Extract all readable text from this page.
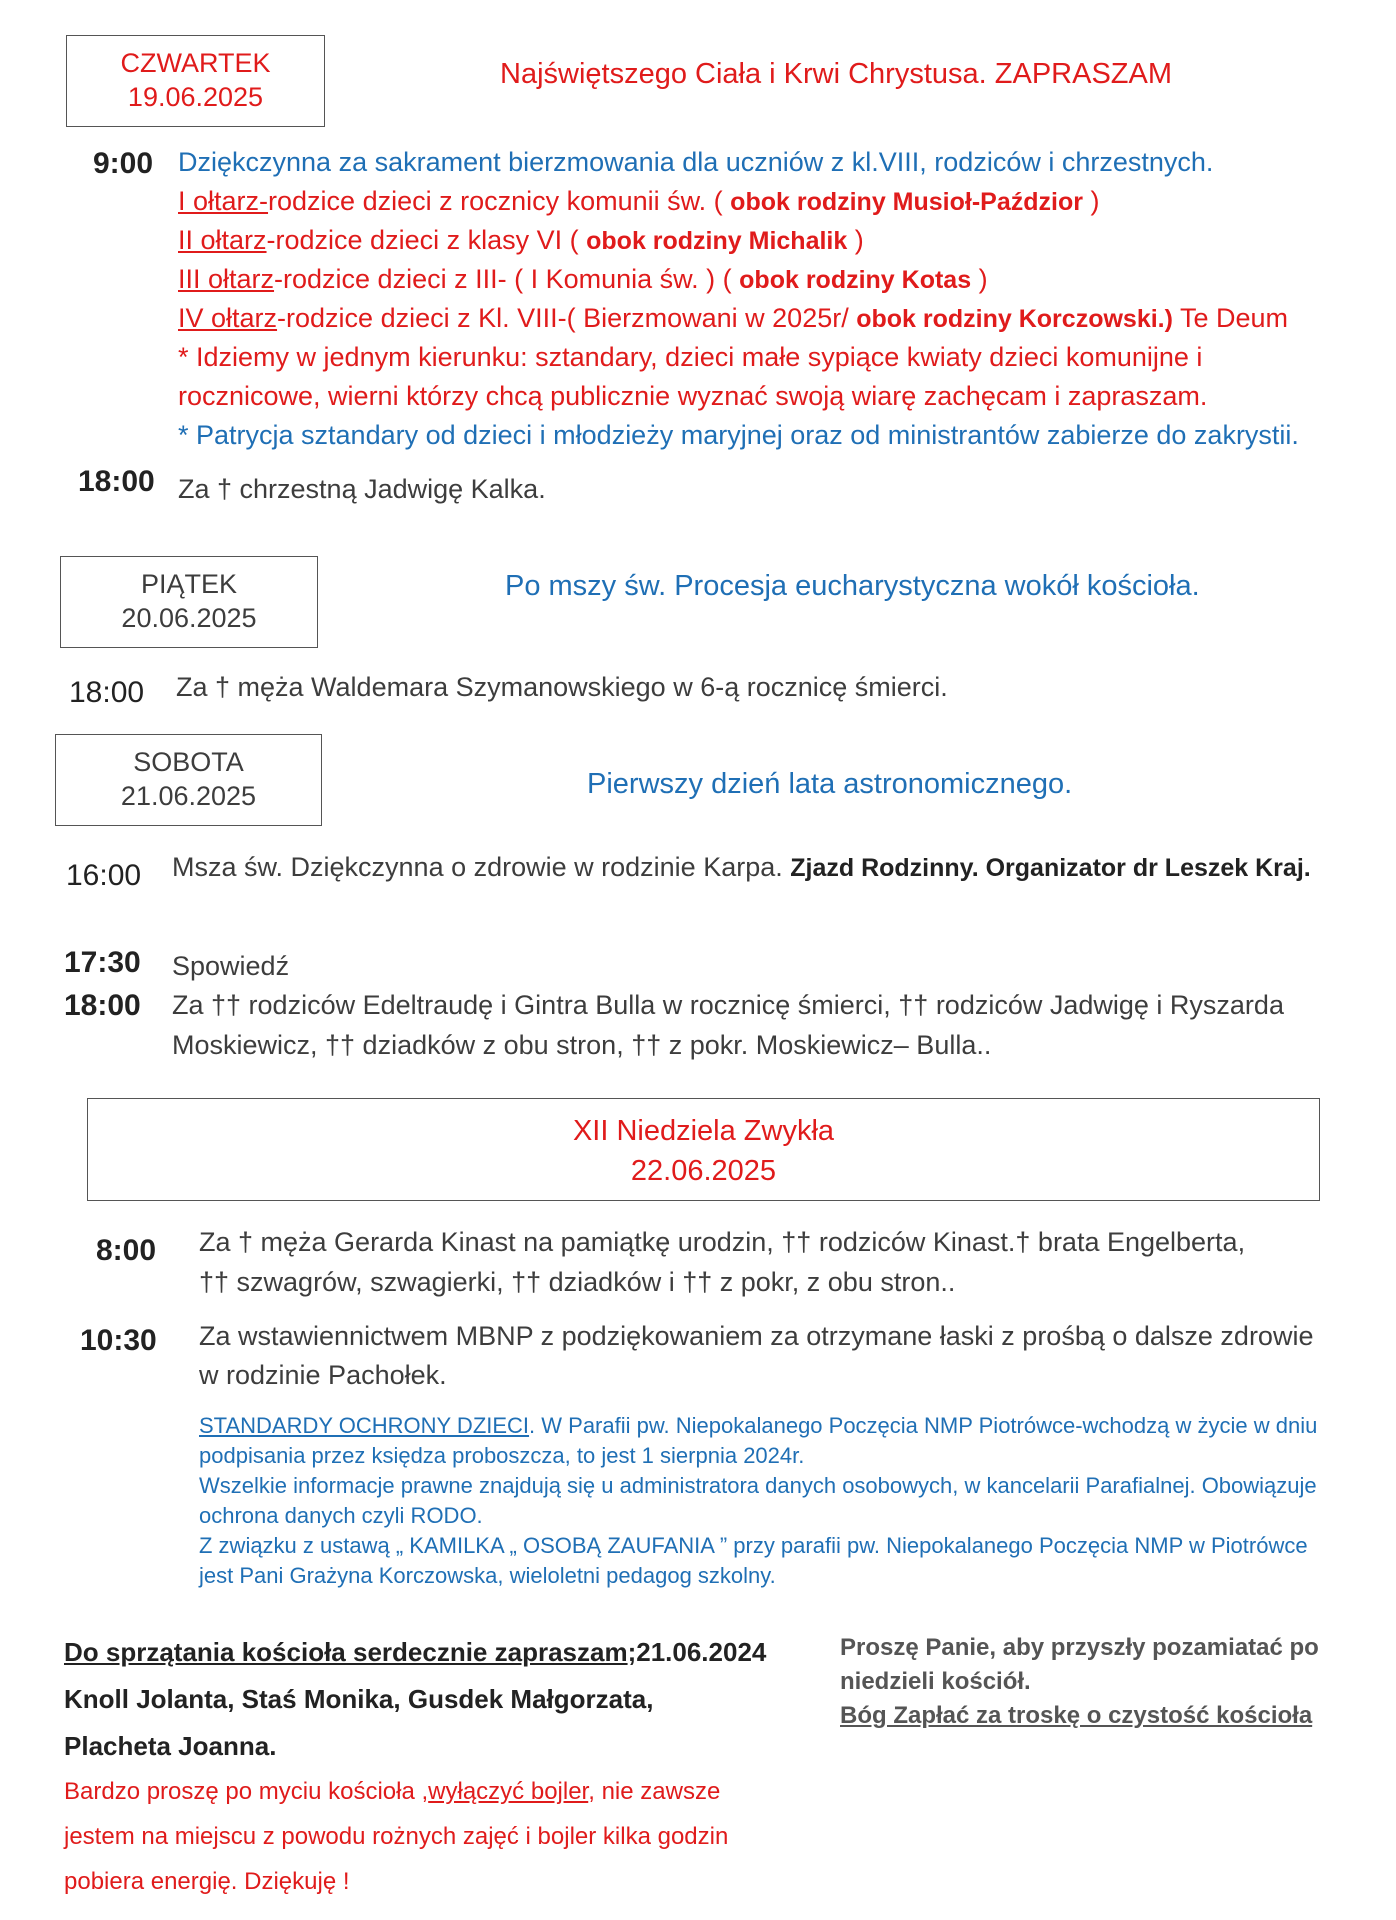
CZWARTEK
19.06.2025
Najświętszego Ciała i Krwi Chrystusa. ZAPRASZAM
9:00 Dziękczynna za sakrament bierzmowania dla uczniów z kl.VIII, rodziców i chrzestnych.
I ołtarz-rodzice dzieci z rocznicy komunii św. ( obok rodziny Musioł-Paździor )
II ołtarz-rodzice dzieci z klasy VI ( obok rodziny Michalik )
III ołtarz-rodzice dzieci z III- ( I Komunia św. ) ( obok rodziny Kotas )
IV ołtarz-rodzice dzieci z Kl. VIII-( Bierzmowani w 2025r/ obok rodziny Korczowski.) Te Deum
* Idziemy w jednym kierunku: sztandary, dzieci małe sypiące kwiaty dzieci komunijne i
rocznicowe, wierni którzy chcą publicznie wyznać swoją wiarę zachęcam i zapraszam.
* Patrycja sztandary od dzieci i młodzieży maryjnej oraz od ministrantów zabierze do zakrystii.
18:00 Za † chrzestną Jadwigę Kalka.
PIĄTEK
20.06.2025
Po mszy św. Procesja eucharystyczna wokół kościoła.
18:00 Za † męża Waldemara Szymanowskiego w 6-ą rocznicę śmierci.
SOBOTA
21.06.2025	Pierwszy dzień lata astronomicznego.
16:00 Msza św. Dziękczynna o zdrowie w rodzinie Karpa. Zjazd Rodzinny. Organizator dr Leszek Kraj.
17:30 Spowiedź
18:00 Za †† rodziców Edeltraudę i Gintra Bulla w rocznicę śmierci, †† rodziców Jadwigę i Ryszarda
Moskiewicz, †† dziadków z obu stron, †† z pokr. Moskiewicz– Bulla..
XII Niedziela Zwykła
22.06.2025
8:00 Za † męża Gerarda Kinast na pamiątkę urodzin, †† rodziców Kinast.† brata Engelberta,
†† szwagrów, szwagierki, †† dziadków i †† z pokr, z obu stron..
10:30 Za wstawiennictwem MBNP z podziękowaniem za otrzymane łaski z prośbą o dalsze zdrowie
w rodzinie Pachołek.
STANDARDY OCHRONY DZIECI. W Parafii pw. Niepokalanego Poczęcia NMP Piotrówce-wchodzą w życie w dniu
podpisania przez księdza proboszcza, to jest 1 sierpnia 2024r.
Wszelkie informacje prawne znajdują się u administratora danych osobowych, w kancelarii Parafialnej. Obowiązuje
ochrona danych czyli RODO.
Z związku z ustawą „ KAMILKA „ OSOBĄ ZAUFANIA ” przy parafii pw. Niepokalanego Poczęcia NMP w Piotrówce
jest Pani Grażyna Korczowska, wieloletni pedagog szkolny.
Do sprzątania kościoła serdecznie zapraszam;21.06.2024
Knoll Jolanta, Staś Monika, Gusdek Małgorzata,
Placheta Joanna.
Bardzo proszę po myciu kościoła ,wyłączyć bojler, nie zawsze
jestem na miejscu z powodu rożnych zajęć i bojler kilka godzin
pobiera energię. Dziękuję !
Proszę Panie, aby przyszły pozamiatać po
niedzieli kościół.
Bóg Zapłać za troskę o czystość kościoła
